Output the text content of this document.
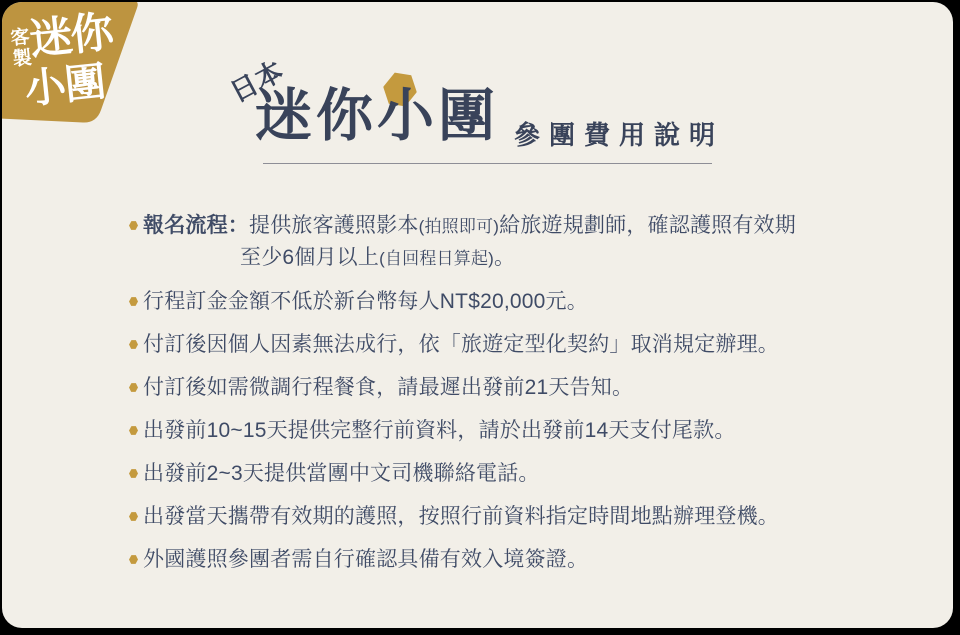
客製
迷你
小團	日本
迷你小團 參團費用說明
報名流程：提供旅客護照影本(拍照即可)給旅遊規劃師，確認護照有效期
至少6個月以上(自回程日算起)。
行程訂金金額不低於新台幣每人NT$20,000元。
付訂後因個人因素無法成行，依「旅遊定型化契約」取消規定辦理。
付訂後如需微調行程餐食，請最遲出發前21天告知。
出發前10~15天提供完整行前資料，請於出發前14天支付尾款。
出發前2~3天提供當團中文司機聯絡電話。
出發當天攜帶有效期的護照，按照行前資料指定時間地點辦理登機。
外國護照參團者需自行確認具備有效入境簽證。
